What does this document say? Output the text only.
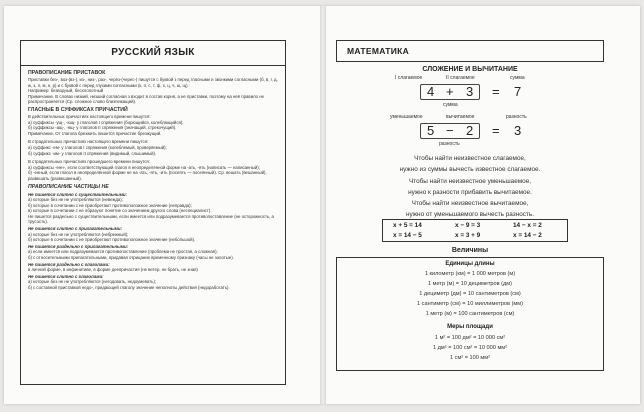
РУССКИЙ ЯЗЫК

ПРАВОПИСАНИЕ ПРИСТАВОК

Приставки без-, воз-(вз-), из-, низ-, раз-, через-(черес-) пишутся с буквой з перед гласными и звонкими согласными (б, в, г, д, ж, з, л, м, н, р) и с буквой с перед глухими согласными (к, п, с, т, ф, х, ц, ч, ш, щ).

Например: безводный, бесхлопотный

Примечание. В словах низкий, низший согласная з входит в состав корня, а не приставки, поэтому на неё правило не распространяется (Ср. сложное слово близлежащий).

ГЛАСНЫЕ В СУФФИКСАХ ПРИЧАСТИЙ

В действительных причастиях настоящего времени пишутся:

а) суффиксы -ущ-, -ющ- у глаголов I спряжения (борющийся, колеблющийся);

б) суффиксы -ащ-, -ящ- у глаголов II спряжения (значащий, стрекочущий).

Примечание. От глагола брезжить пишется причастие брезжущий.

В страдательных причастиях настоящего времени пишутся:

а) суффикс -ем- у глаголов I спряжения (колеблемый, проверяемый);

б) суффикс -им- у глаголов II спряжения (видимый, слышимый).

В страдательных причастиях прошедшего времени пишутся:

а) суффиксы -енн-, если соответствующий глагол в неопределённой форме на -ать, -ять (написать — написанный);

б) -енный, если глагол в неопределённой форме не на -ать, -ять, -ить (посеять — посеянный). Ср. вешать (вешанный), развешать (развешанный).

ПРАВОПИСАНИЕ ЧАСТИЦЫ НЕ

Не пишется слитно с существительными:

а) которые без не не употребляются (невежда);

б) которые в сочетании с не приобретают противоположное значение (неправда);

в) которые в сочетании с не образуют понятие со значением другого слова (неспециалист).

Не пишется раздельно с существительными, если имеется или подразумевается противопоставление (не осторожность, а трусость).

Не пишется слитно с прилагательными:

а) которые без не не употребляются (небрежный);

б) которые в сочетании с не приобретают противоположное значение (небольшой).

Не пишется раздельно с прилагательными:

а) если имеется или подразумевается противопоставление (проблема не простая, а сложная);

б) с относительными прилагательными, придавая отрицание временному признаку (часы не золотые).

Не пишется раздельно с глаголами:

в личной форме, в инфинитиве, в форме деепричастия (не ветер, не брать, не зная)

Не пишется слитно с глаголами:

а) которые без не не употребляются (негодовать, недоумевать);

б) с составной приставкой недо-, придающей глаголу значение неполноты действия (недоработать).

МАТЕМАТИКА
СЛОЖЕНИЕ И ВЫЧИТАНИЕ
I слагаемое	II слагаемое	сумма
4 + 3 = 7
сумма
уменьшаемое	вычитаемое	разность
5 − 2 = 3
разность
Чтобы найти неизвестное слагаемое,
нужно из суммы вычесть известное слагаемое.
Чтобы найти неизвестное уменьшаемое,
нужно к разности прибавить вычитаемое.
Чтобы найти неизвестное вычитаемое,
нужно от уменьшаемого вычесть разность.
x + 5 = 14	x − 9 = 3	14 − x = 2
x = 14 − 5	x = 3 + 9	x = 14 − 2
Величины
Единицы длины
1 километр (км) = 1 000 метров (м)
1 метр (м) = 10 дециметров (дм)
1 дециметр (дм) = 10 сантиметров (см)
1 сантиметр (см) = 10 миллиметров (мм)
1 метр (м) = 100 сантиметров (см)
Меры площади
1 м² = 100 дм² = 10 000 см²
1 дм² = 100 см² = 10 000 мм²
1 см² = 100 мм²
